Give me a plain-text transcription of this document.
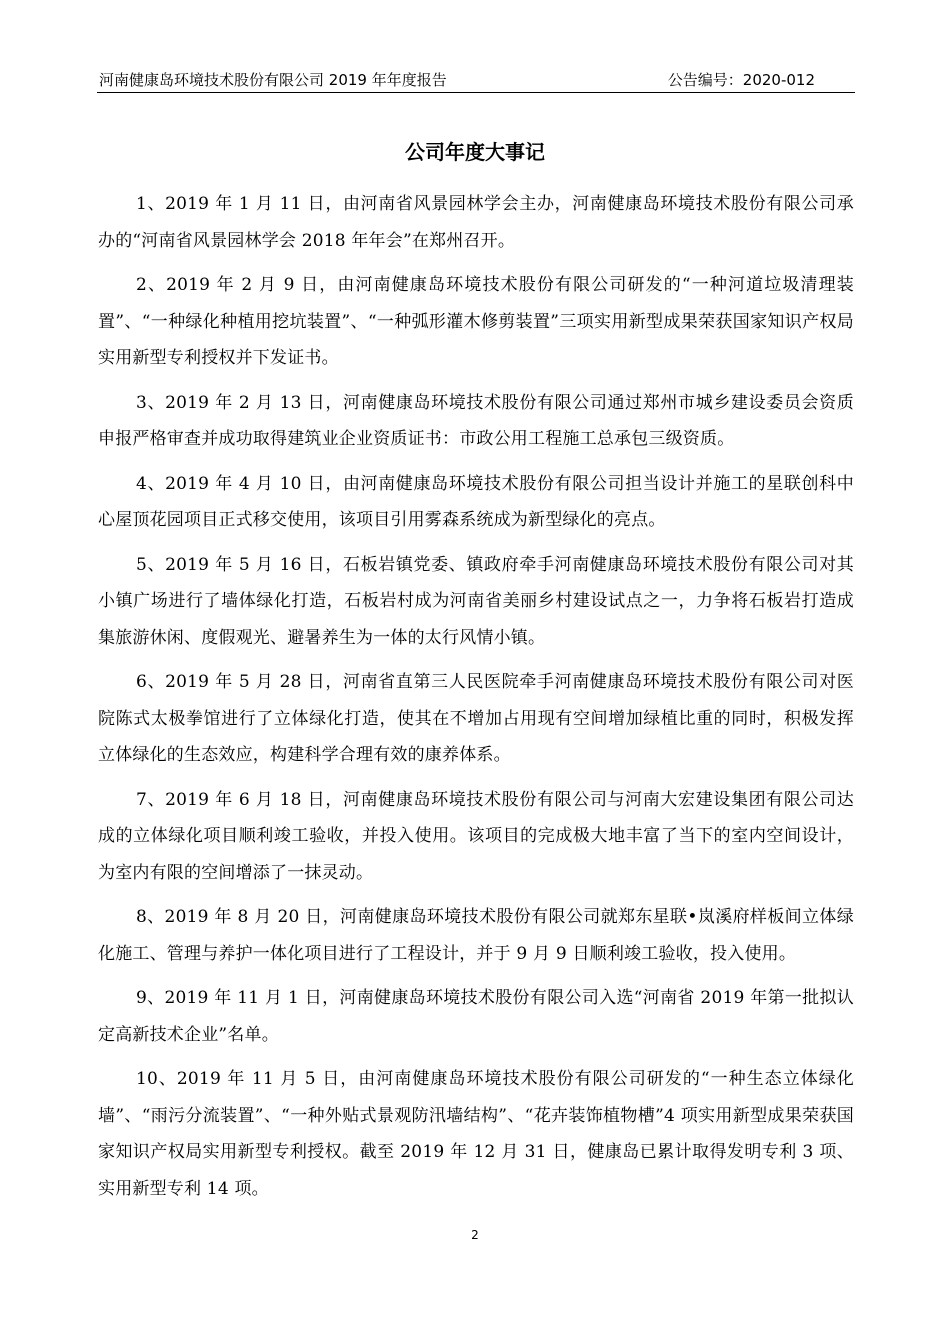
河南健康岛环境技术股份有限公司 2019 年年度报告	公告编号：2020-012
公司年度大事记

1、2019 年 1 月 11 日，由河南省风景园林学会主办，河南健康岛环境技术股份有限公司承办的“河南省风景园林学会 2018 年年会”在郑州召开。

2、2019 年 2 月 9 日，由河南健康岛环境技术股份有限公司研发的“一种河道垃圾清理装置”、“一种绿化种植用挖坑装置”、“一种弧形灌木修剪装置”三项实用新型成果荣获国家知识产权局实用新型专利授权并下发证书。

3、2019 年 2 月 13 日，河南健康岛环境技术股份有限公司通过郑州市城乡建设委员会资质申报严格审查并成功取得建筑业企业资质证书：市政公用工程施工总承包三级资质。

4、2019 年 4 月 10 日，由河南健康岛环境技术股份有限公司担当设计并施工的星联创科中心屋顶花园项目正式移交使用，该项目引用雾森系统成为新型绿化的亮点。

5、2019 年 5 月 16 日，石板岩镇党委、镇政府牵手河南健康岛环境技术股份有限公司对其小镇广场进行了墙体绿化打造，石板岩村成为河南省美丽乡村建设试点之一，力争将石板岩打造成集旅游休闲、度假观光、避暑养生为一体的太行风情小镇。

6、2019 年 5 月 28 日，河南省直第三人民医院牵手河南健康岛环境技术股份有限公司对医院陈式太极拳馆进行了立体绿化打造，使其在不增加占用现有空间增加绿植比重的同时，积极发挥立体绿化的生态效应，构建科学合理有效的康养体系。

7、2019 年 6 月 18 日，河南健康岛环境技术股份有限公司与河南大宏建设集团有限公司达成的立体绿化项目顺利竣工验收，并投入使用。该项目的完成极大地丰富了当下的室内空间设计，为室内有限的空间增添了一抹灵动。

8、2019 年 8 月 20 日，河南健康岛环境技术股份有限公司就郑东星联•岚溪府样板间立体绿化施工、管理与养护一体化项目进行了工程设计，并于 9 月 9 日顺利竣工验收，投入使用。

9、2019 年 11 月 1 日，河南健康岛环境技术股份有限公司入选“河南省 2019 年第一批拟认定高新技术企业”名单。

10、2019 年 11 月 5 日，由河南健康岛环境技术股份有限公司研发的“一种生态立体绿化墙”、“雨污分流装置”、“一种外贴式景观防汛墙结构”、“花卉装饰植物槽”4 项实用新型成果荣获国家知识产权局实用新型专利授权。截至 2019 年 12 月 31 日，健康岛已累计取得发明专利 3 项、实用新型专利 14 项。

2
